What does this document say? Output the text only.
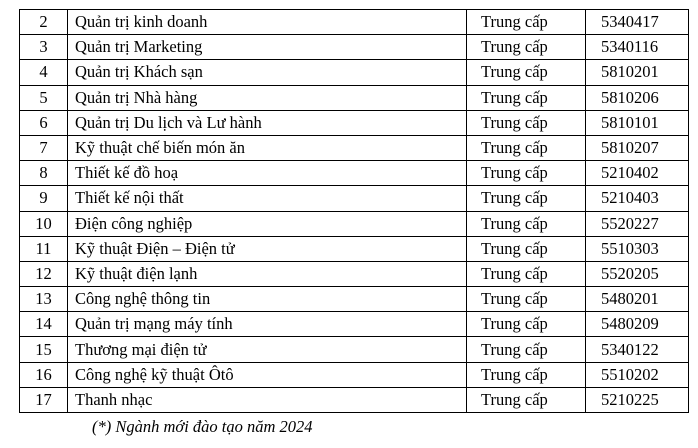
2	Quản trị kinh doanh	Trung cấp	5340417
3	Quản trị Marketing	Trung cấp	5340116
4	Quản trị Khách sạn	Trung cấp	5810201
5	Quản trị Nhà hàng	Trung cấp	5810206
6	Quản trị Du lịch và Lư hành	Trung cấp	5810101
7	Kỹ thuật chế biến món ăn	Trung cấp	5810207
8	Thiết kế đồ hoạ	Trung cấp	5210402
9	Thiết kế nội thất	Trung cấp	5210403
10	Điện công nghiệp	Trung cấp	5520227
11	Kỹ thuật Điện – Điện tử	Trung cấp	5510303
12	Kỹ thuật điện lạnh	Trung cấp	5520205
13	Công nghệ thông tin	Trung cấp	5480201
14	Quản trị mạng máy tính	Trung cấp	5480209
15	Thương mại điện tử	Trung cấp	5340122
16	Công nghệ kỹ thuật Ôtô	Trung cấp	5510202
17	Thanh nhạc	Trung cấp	5210225
(*) Ngành mới đào tạo năm 2024
